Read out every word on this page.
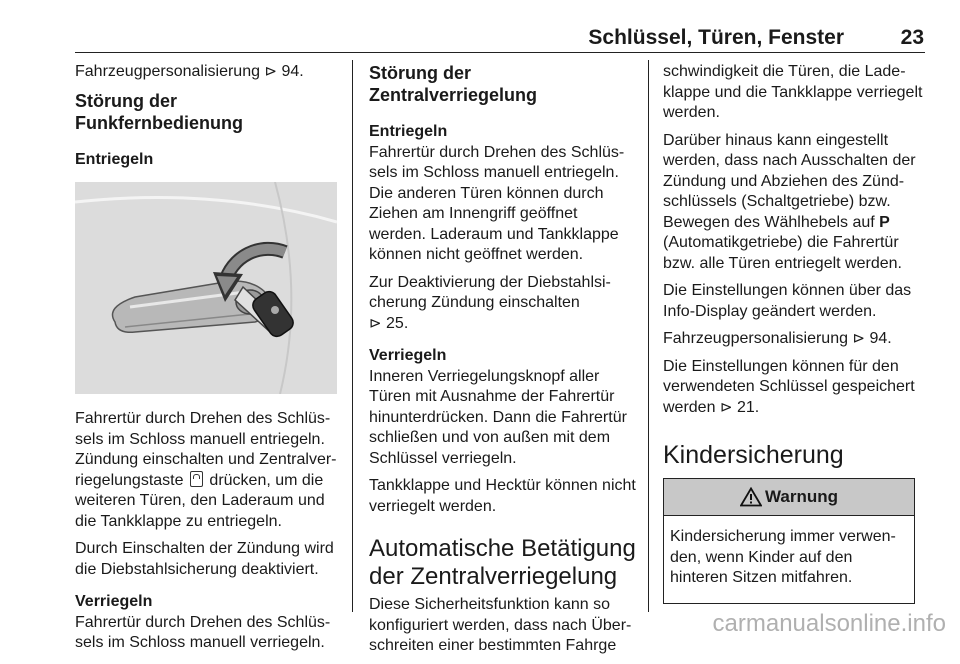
Schlüssel, Türen, Fenster	23

Fahrzeugpersonalisierung ⊳ 94.

Störung der Funkfernbedienung
Entriegeln

Fahrertür durch Drehen des Schlüssels im Schloss manuell entriegeln. Zündung einschalten und Zentralverriegelungstaste drücken, um die weiteren Türen, den Laderaum und die Tankklappe zu entriegeln.

Durch Einschalten der Zündung wird die Diebstahlsicherung deaktiviert.

Verriegeln

Fahrertür durch Drehen des Schlüssels im Schloss manuell verriegeln.

Störung der Zentralverriegelung
Entriegeln

Fahrertür durch Drehen des Schlüssels im Schloss manuell entriegeln. Die anderen Türen können durch Ziehen am Innengriff geöffnet werden. Laderaum und Tankklappe können nicht geöffnet werden.

Zur Deaktivierung der Diebstahlsicherung Zündung einschalten
⊳ 25.

Verriegeln

Inneren Verriegelungsknopf aller Türen mit Ausnahme der Fahrertür hinunterdrücken. Dann die Fahrertür schließen und von außen mit dem Schlüssel verriegeln.

Tankklappe und Hecktür können nicht verriegelt werden.

Automatische Betätigung der Zentralverriegelung

Diese Sicherheitsfunktion kann so konfiguriert werden, dass nach Überschreiten einer bestimmten Fahrge

schwindigkeit die Türen, die Ladeklappe und die Tankklappe verriegelt werden.

Darüber hinaus kann eingestellt werden, dass nach Ausschalten der Zündung und Abziehen des Zündschlüssels (Schaltgetriebe) bzw. Bewegen des Wählhebels auf P (Automatikgetriebe) die Fahrertür bzw. alle Türen entriegelt werden.

Die Einstellungen können über das Info-Display geändert werden.

Fahrzeugpersonalisierung ⊳ 94.

Die Einstellungen können für den verwendeten Schlüssel gespeichert werden ⊳ 21.

Kindersicherung
Warnung
Kindersicherung immer verwenden, wenn Kinder auf den hinteren Sitzen mitfahren.
carmanualsonline.info
